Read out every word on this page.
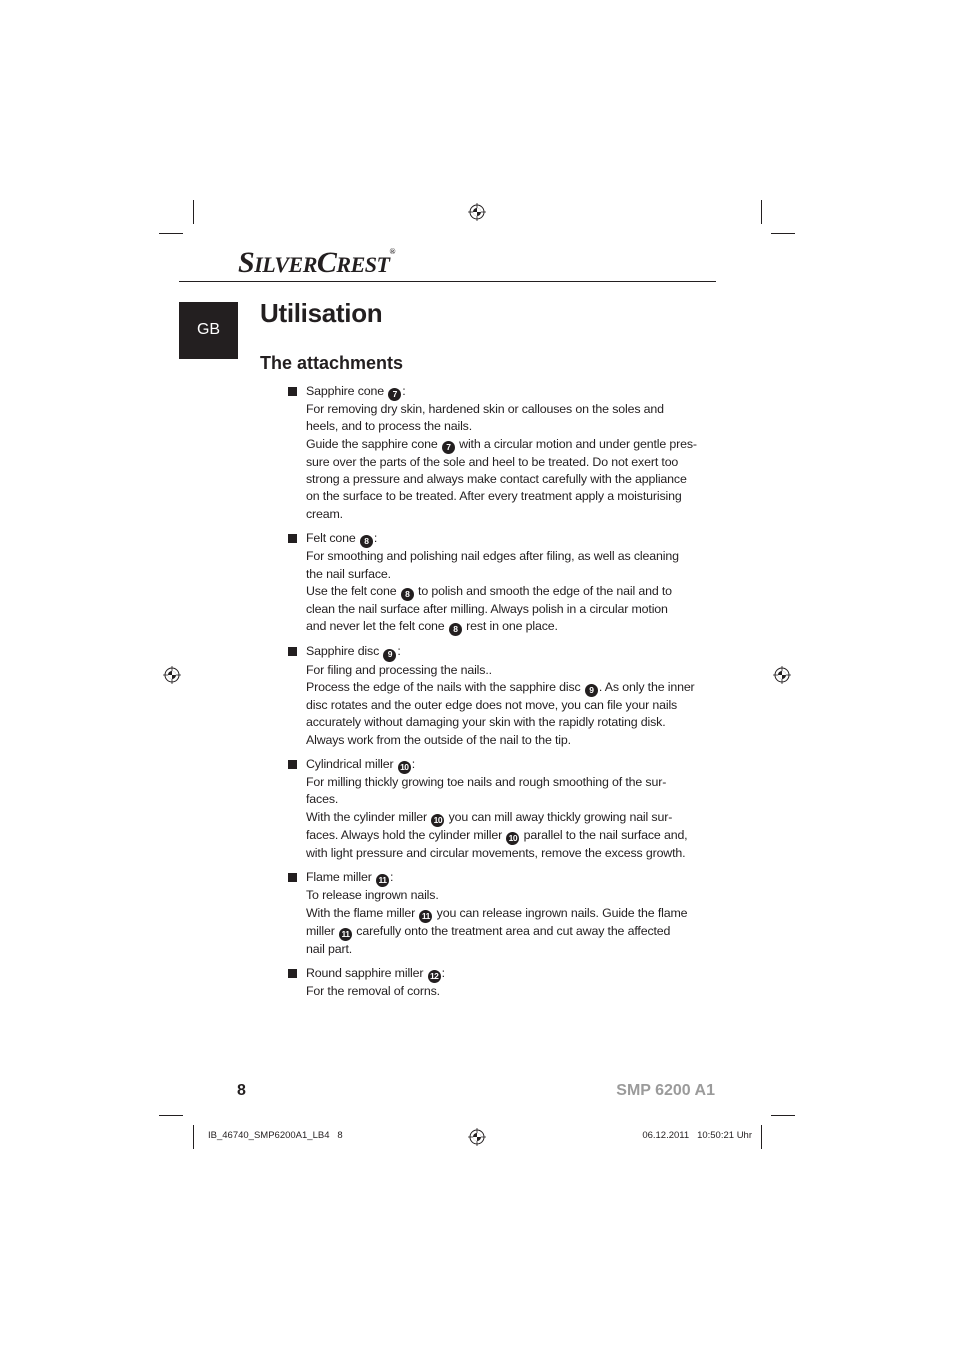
SILVERCREST®
GB
Utilisation
The attachments
Sapphire cone 7 :
For removing dry skin, hardened skin or callouses on the soles and
heels, and to process the nails.
Guide the sapphire cone 7 with a circular motion and under gentle pres-
sure over the parts of the sole and heel to be treated. Do not exert too
strong a pressure and always make contact carefully with the appliance
on the surface to be treated. After every treatment apply a moisturising
cream.
Felt cone 8 :
For smoothing and polishing nail edges after filing, as well as cleaning
the nail surface.
Use the felt cone 8 to polish and smooth the edge of the nail and to
clean the nail surface after milling. Always polish in a circular motion
and never let the felt cone 8 rest in one place.
Sapphire disc 9 :
For filing and processing the nails..
Process the edge of the nails with the sapphire disc 9 . As only the inner
disc rotates and the outer edge does not move, you can file your nails
accurately without damaging your skin with the rapidly rotating disk.
Always work from the outside of the nail to the tip.
Cylindrical miller 10 :
For milling thickly growing toe nails and rough smoothing of the sur-
faces.
With the cylinder miller 10 you can mill away thickly growing nail sur-
faces. Always hold the cylinder miller 10 parallel to the nail surface and,
with light pressure and circular movements, remove the excess growth.
Flame miller 11 :
To release ingrown nails.
With the flame miller 11 you can release ingrown nails. Guide the flame
miller 11 carefully onto the treatment area and cut away the affected
nail part.
Round sapphire miller 12 :
For the removal of corns.
8	SMP 6200 A1
IB_46740_SMP6200A1_LB4   8	06.12.2011   10:50:21 Uhr
